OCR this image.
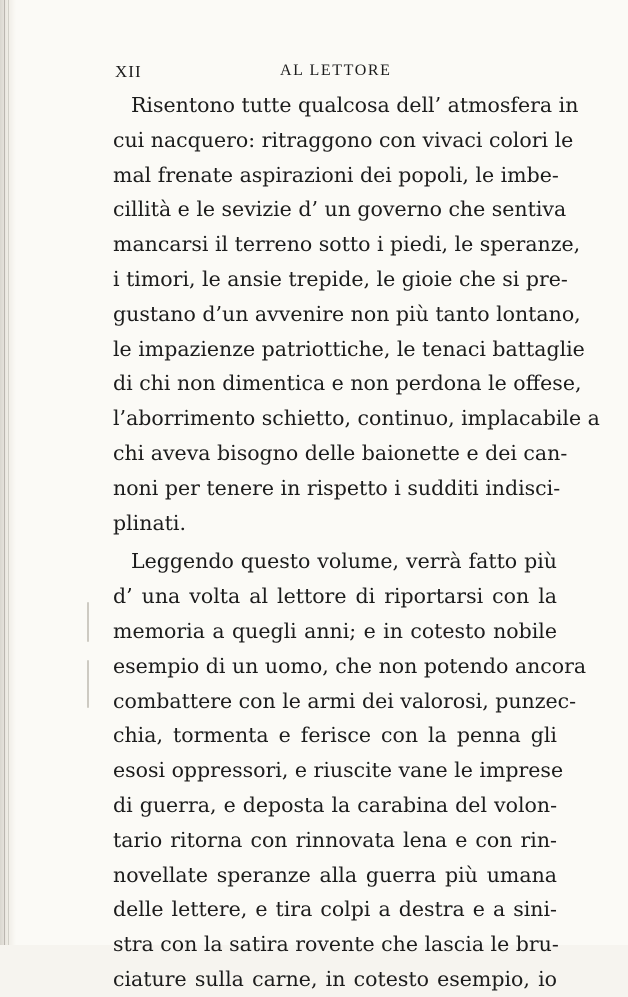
XII	AL LETTORE
Risentono tutte qualcosa dell’ atmosfera in
cui nacquero: ritraggono con vivaci colori le
mal frenate aspirazioni dei popoli, le imbe-
cillità e le sevizie d’ un governo che sentiva
mancarsi il terreno sotto i piedi, le speranze,
i timori, le ansie trepide, le gioie che si pre-
gustano d’un avvenire non più tanto lontano,
le impazienze patriottiche, le tenaci battaglie
di chi non dimentica e non perdona le offese,
l’aborrimento schietto, continuo, implacabile a
chi aveva bisogno delle baionette e dei can-
noni per tenere in rispetto i sudditi indisci-
plinati.
Leggendo questo volume, verrà fatto più
d’ una volta al lettore di riportarsi con la
memoria a quegli anni; e in cotesto nobile
esempio di un uomo, che non potendo ancora
combattere con le armi dei valorosi, punzec-
chia, tormenta e ferisce con la penna gli
esosi oppressori, e riuscite vane le imprese
di guerra, e deposta la carabina del volon-
tario ritorna con rinnovata lena e con rin-
novellate speranze alla guerra più umana
delle lettere, e tira colpi a destra e a sini-
stra con la satira rovente che lascia le bru-
ciature sulla carne, in cotesto esempio, io
